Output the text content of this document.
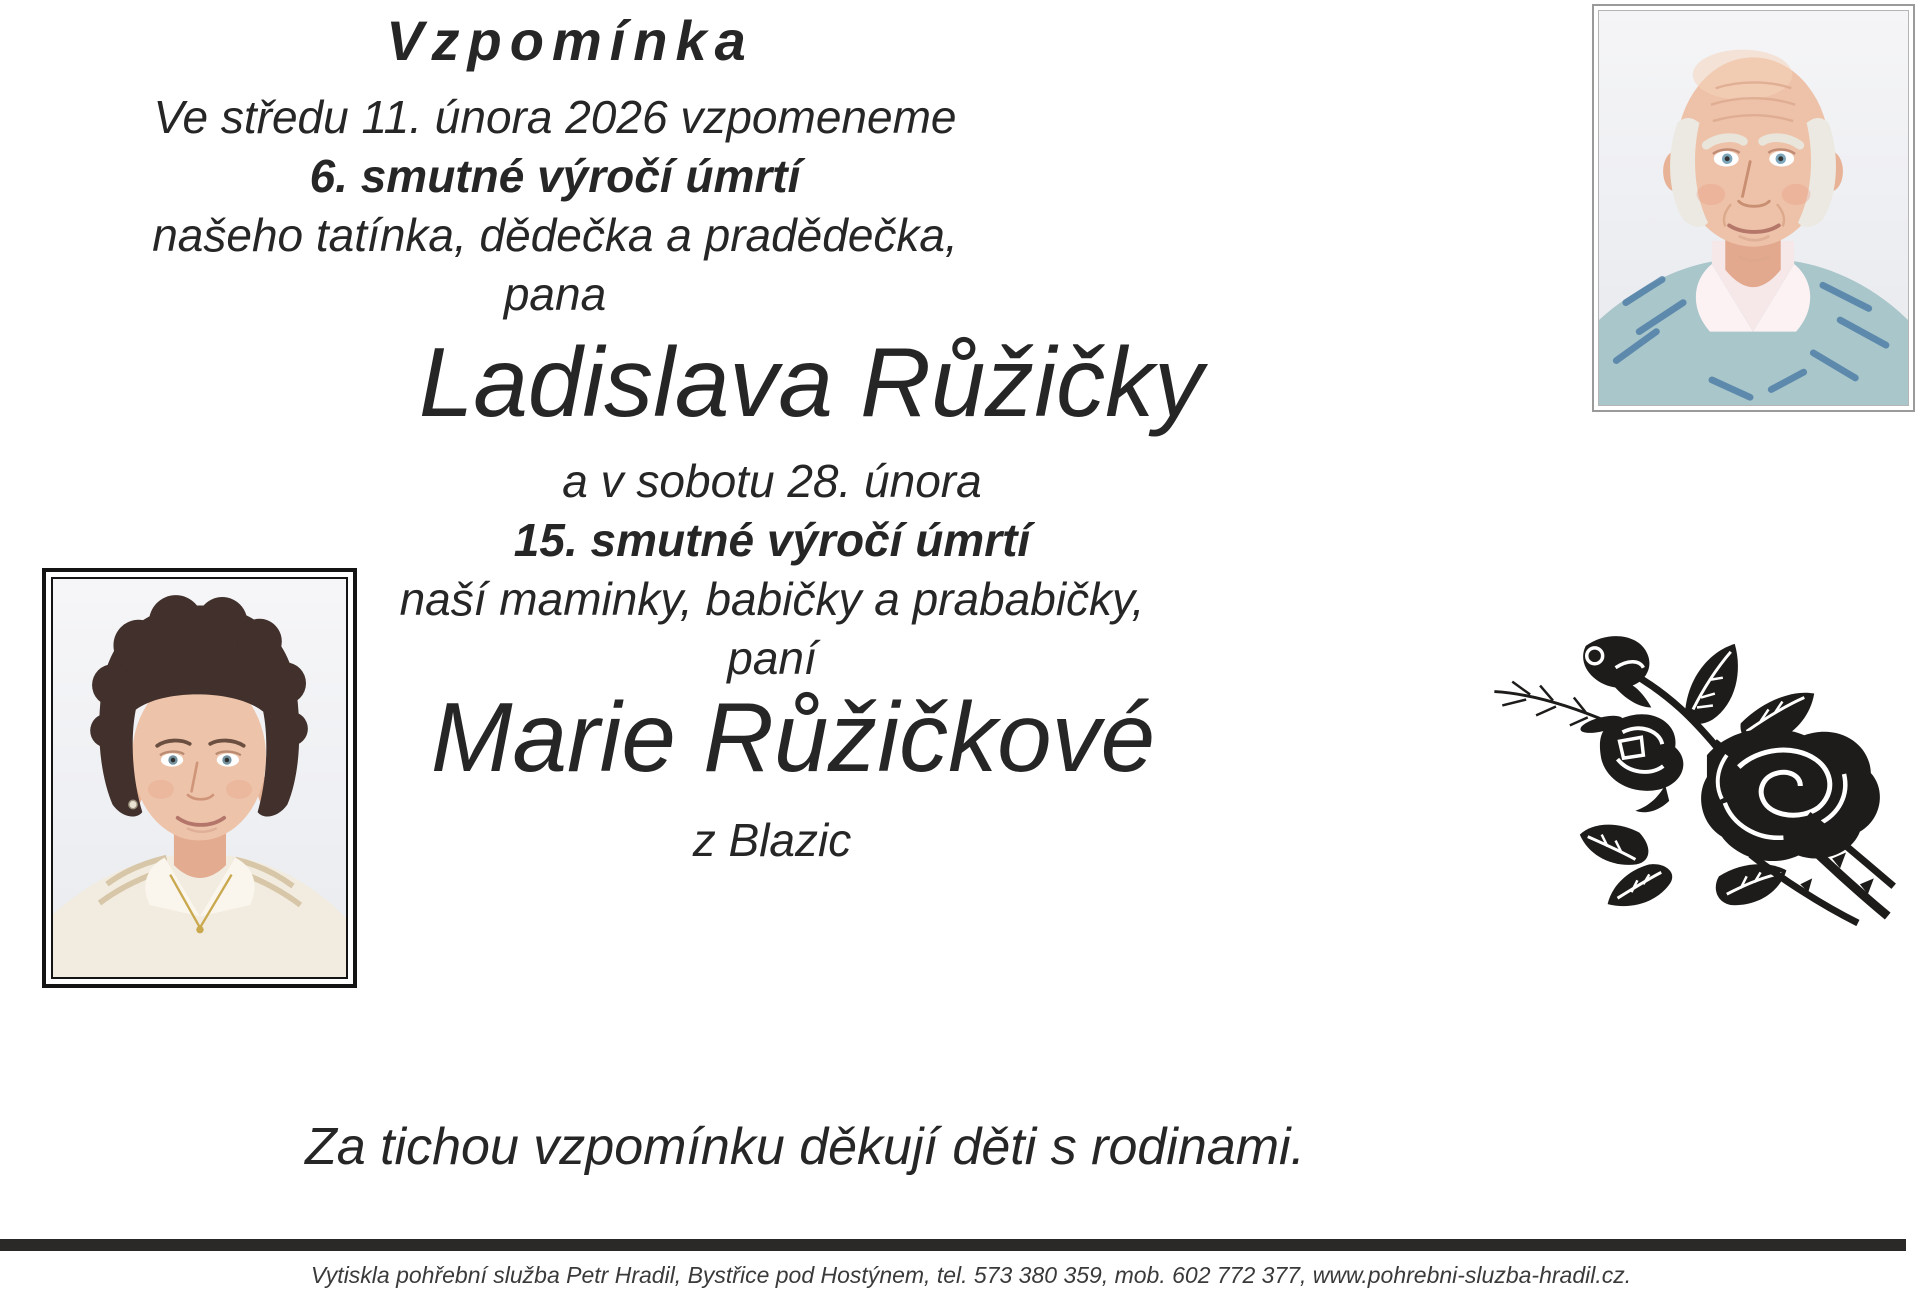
Vzpomínka
Ve středu 11. února 2026 vzpomeneme
6. smutné výročí úmrtí
našeho tatínka, dědečka a pradědečka,
pana
Ladislava Růžičky
a v sobotu 28. února
15. smutné výročí úmrtí
naší maminky, babičky a prababičky,
paní
Marie Růžičkové
z Blazic
Za tichou vzpomínku děkují děti s rodinami.
Vytiskla pohřební služba Petr Hradil, Bystřice pod Hostýnem, tel. 573 380 359, mob. 602 772 377, www.pohrebni-sluzba-hradil.cz.
